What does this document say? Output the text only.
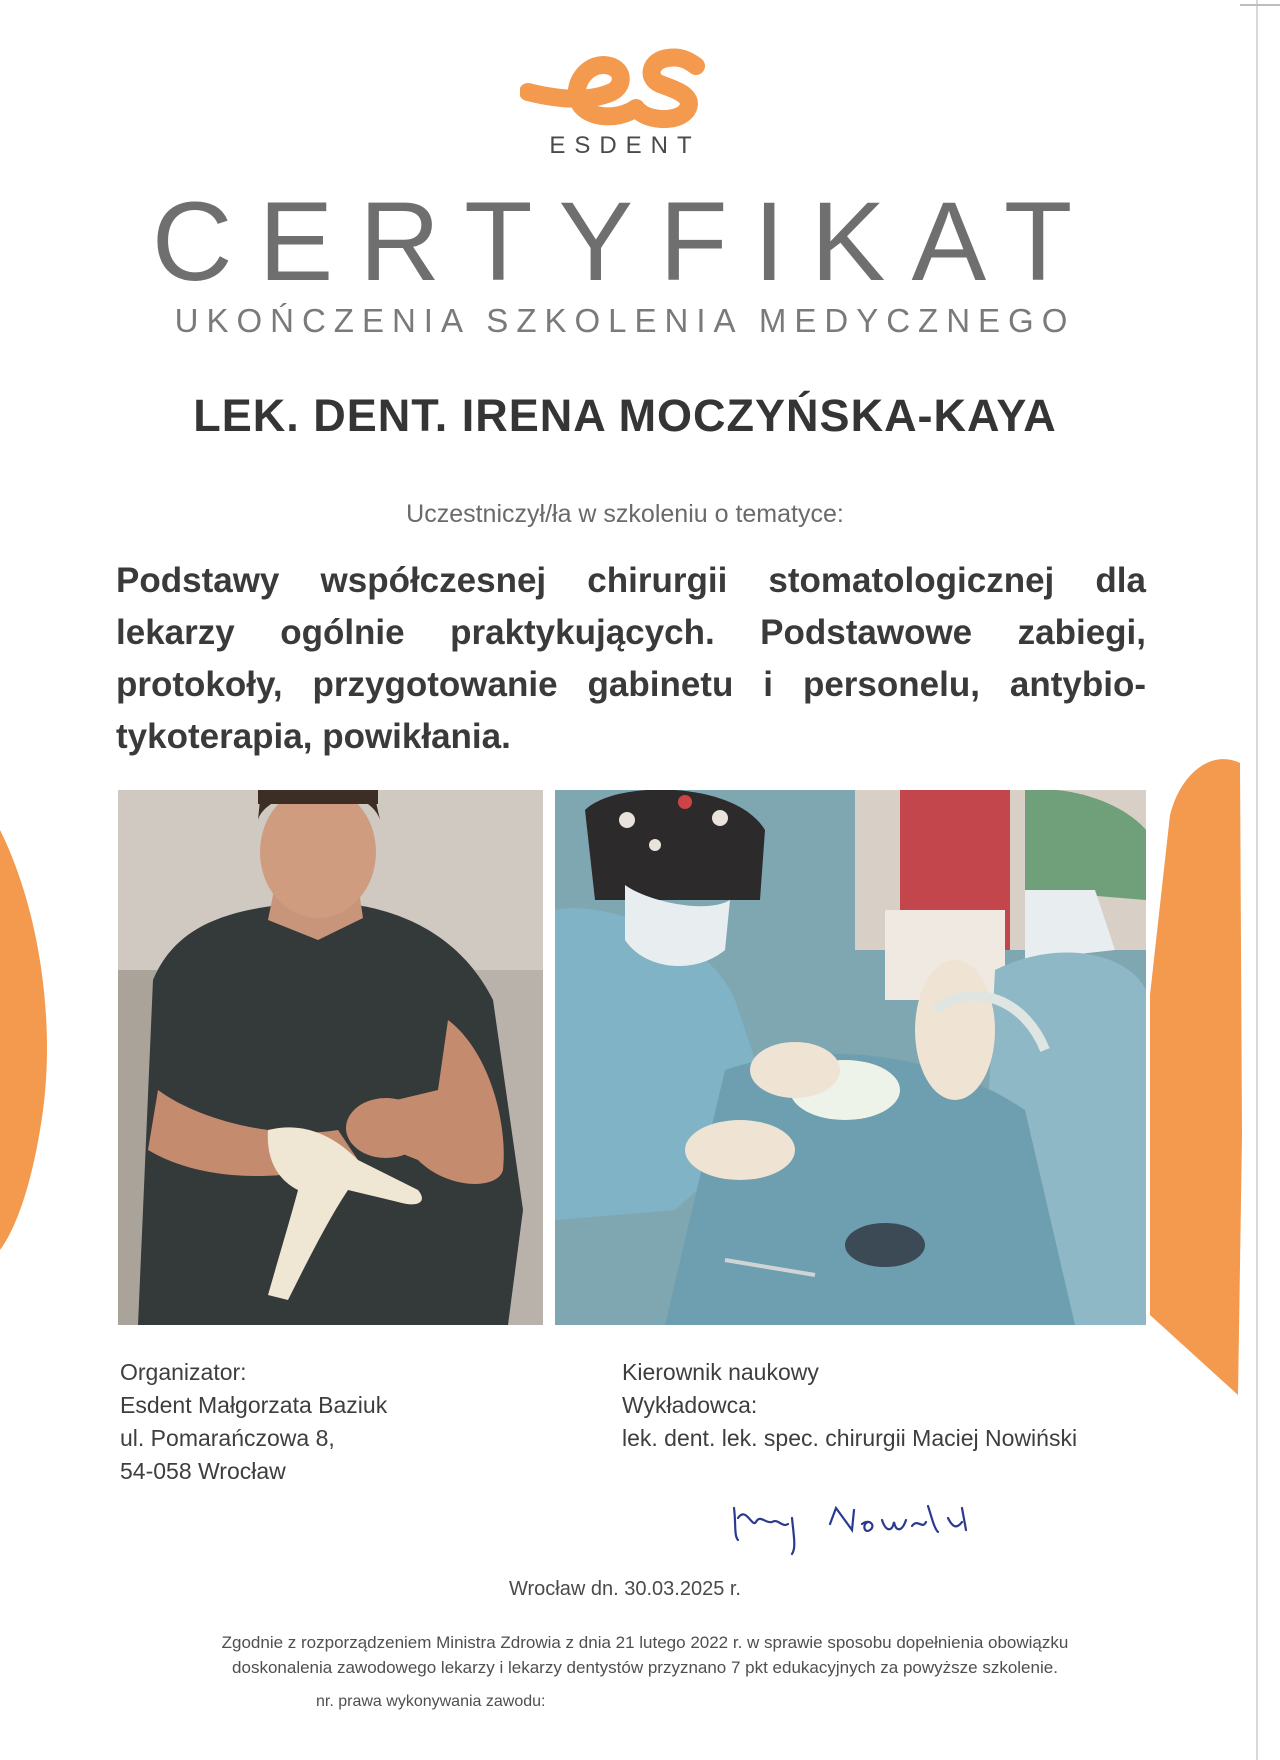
ESDENT
CERTYFIKAT
UKOŃCZENIA SZKOLENIA MEDYCZNEGO
LEK. DENT. IRENA MOCZYŃSKA-KAYA
Uczestniczył/ła w szkoleniu o tematyce:
Podstawy współczesnej chirurgii stomatologicznej dla lekarzy ogólnie praktykujących. Podstawowe zabiegi, protokoły, przygotowanie gabinetu i personelu, antybio-tykoterapia, powikłania.
Organizator:
Esdent Małgorzata Baziuk
ul. Pomarańczowa 8,
54-058 Wrocław
Kierownik naukowy
Wykładowca:
lek. dent. lek. spec. chirurgii Maciej Nowiński
Wrocław dn. 30.03.2025 r.
Zgodnie z rozporządzeniem Ministra Zdrowia z dnia 21 lutego 2022 r. w sprawie sposobu dopełnienia obowiązku
doskonalenia zawodowego lekarzy i lekarzy dentystów przyznano 7 pkt edukacyjnych za powyższe szkolenie.
nr. prawa wykonywania zawodu:
